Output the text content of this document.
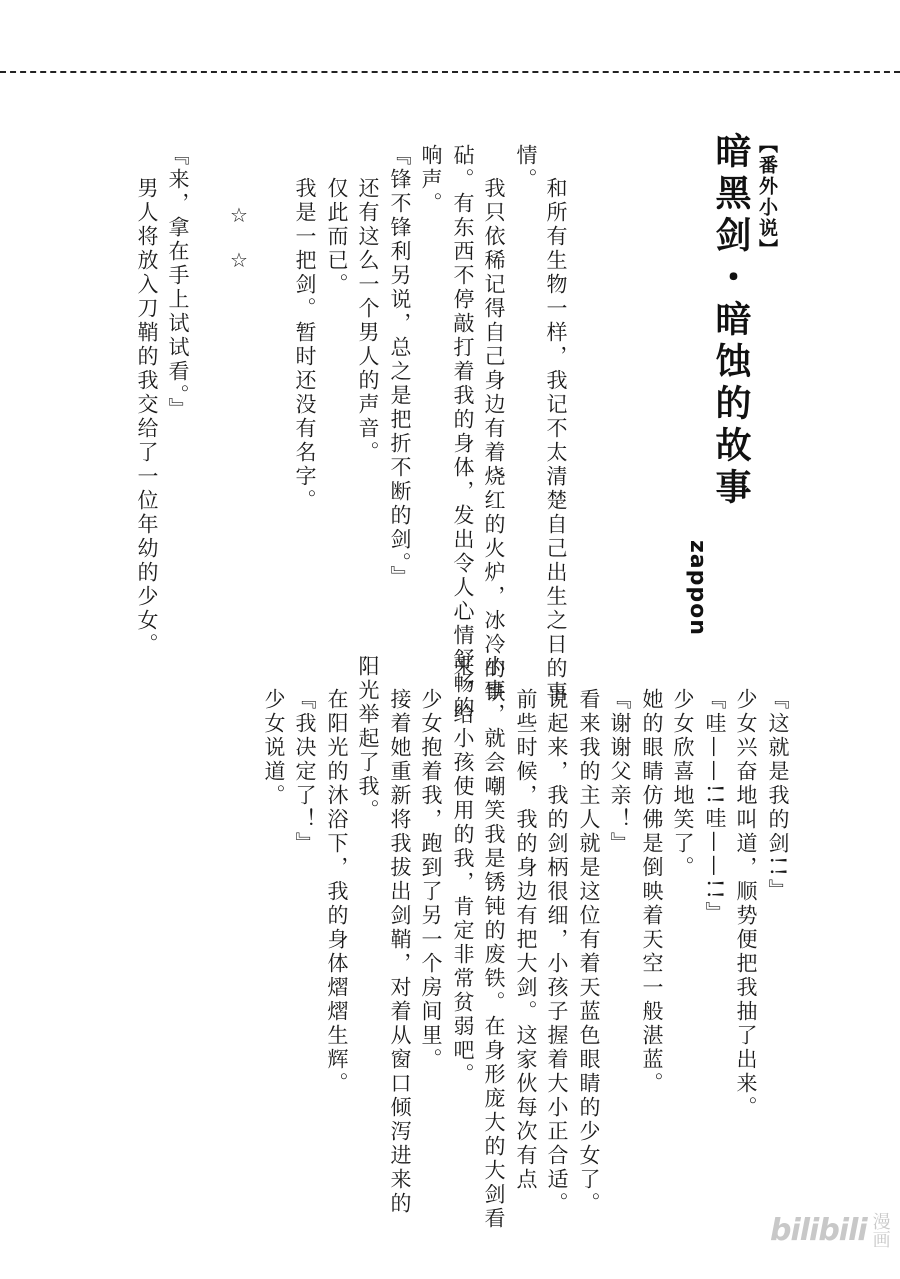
【番外小说】
暗黑剑・暗蚀的故事
zappon
和所有生物一样，我记不太清楚自己出生之日的事
情。
我只依稀记得自己身边有着烧红的火炉，冰冷的铁
砧。有东西不停敲打着我的身体，发出令人心情舒畅的
响声。
『锋不锋利另说，总之是把折不断的剑。』
还有这么一个男人的声音。
仅此而已。
我是一把剑。暂时还没有名字。
☆
☆
『来，拿在手上试试看。』
男人将放入刀鞘的我交给了一位年幼的少女。
『这就是我的剑!!』
少女兴奋地叫道，顺势便把我抽了出来。
『哇——!!哇——!!』
少女欣喜地笑了。
她的眼睛仿佛是倒映着天空一般湛蓝。
『谢谢父亲！』
看来我的主人就是这位有着天蓝色眼睛的少女了。
说起来，我的剑柄很细，小孩子握着大小正合适。
前些时候，我的身边有把大剑。这家伙每次有点
小事，就会嘲笑我是锈钝的废铁。在身形庞大的大剑看
来，给小孩使用的我，肯定非常贫弱吧。
少女抱着我，跑到了另一个房间里。
接着她重新将我拔出剑鞘，对着从窗口倾泻进来的
阳光举起了我。
在阳光的沐浴下，我的身体熠熠生辉。
『我决定了！』
少女说道。
bilibili 漫画
